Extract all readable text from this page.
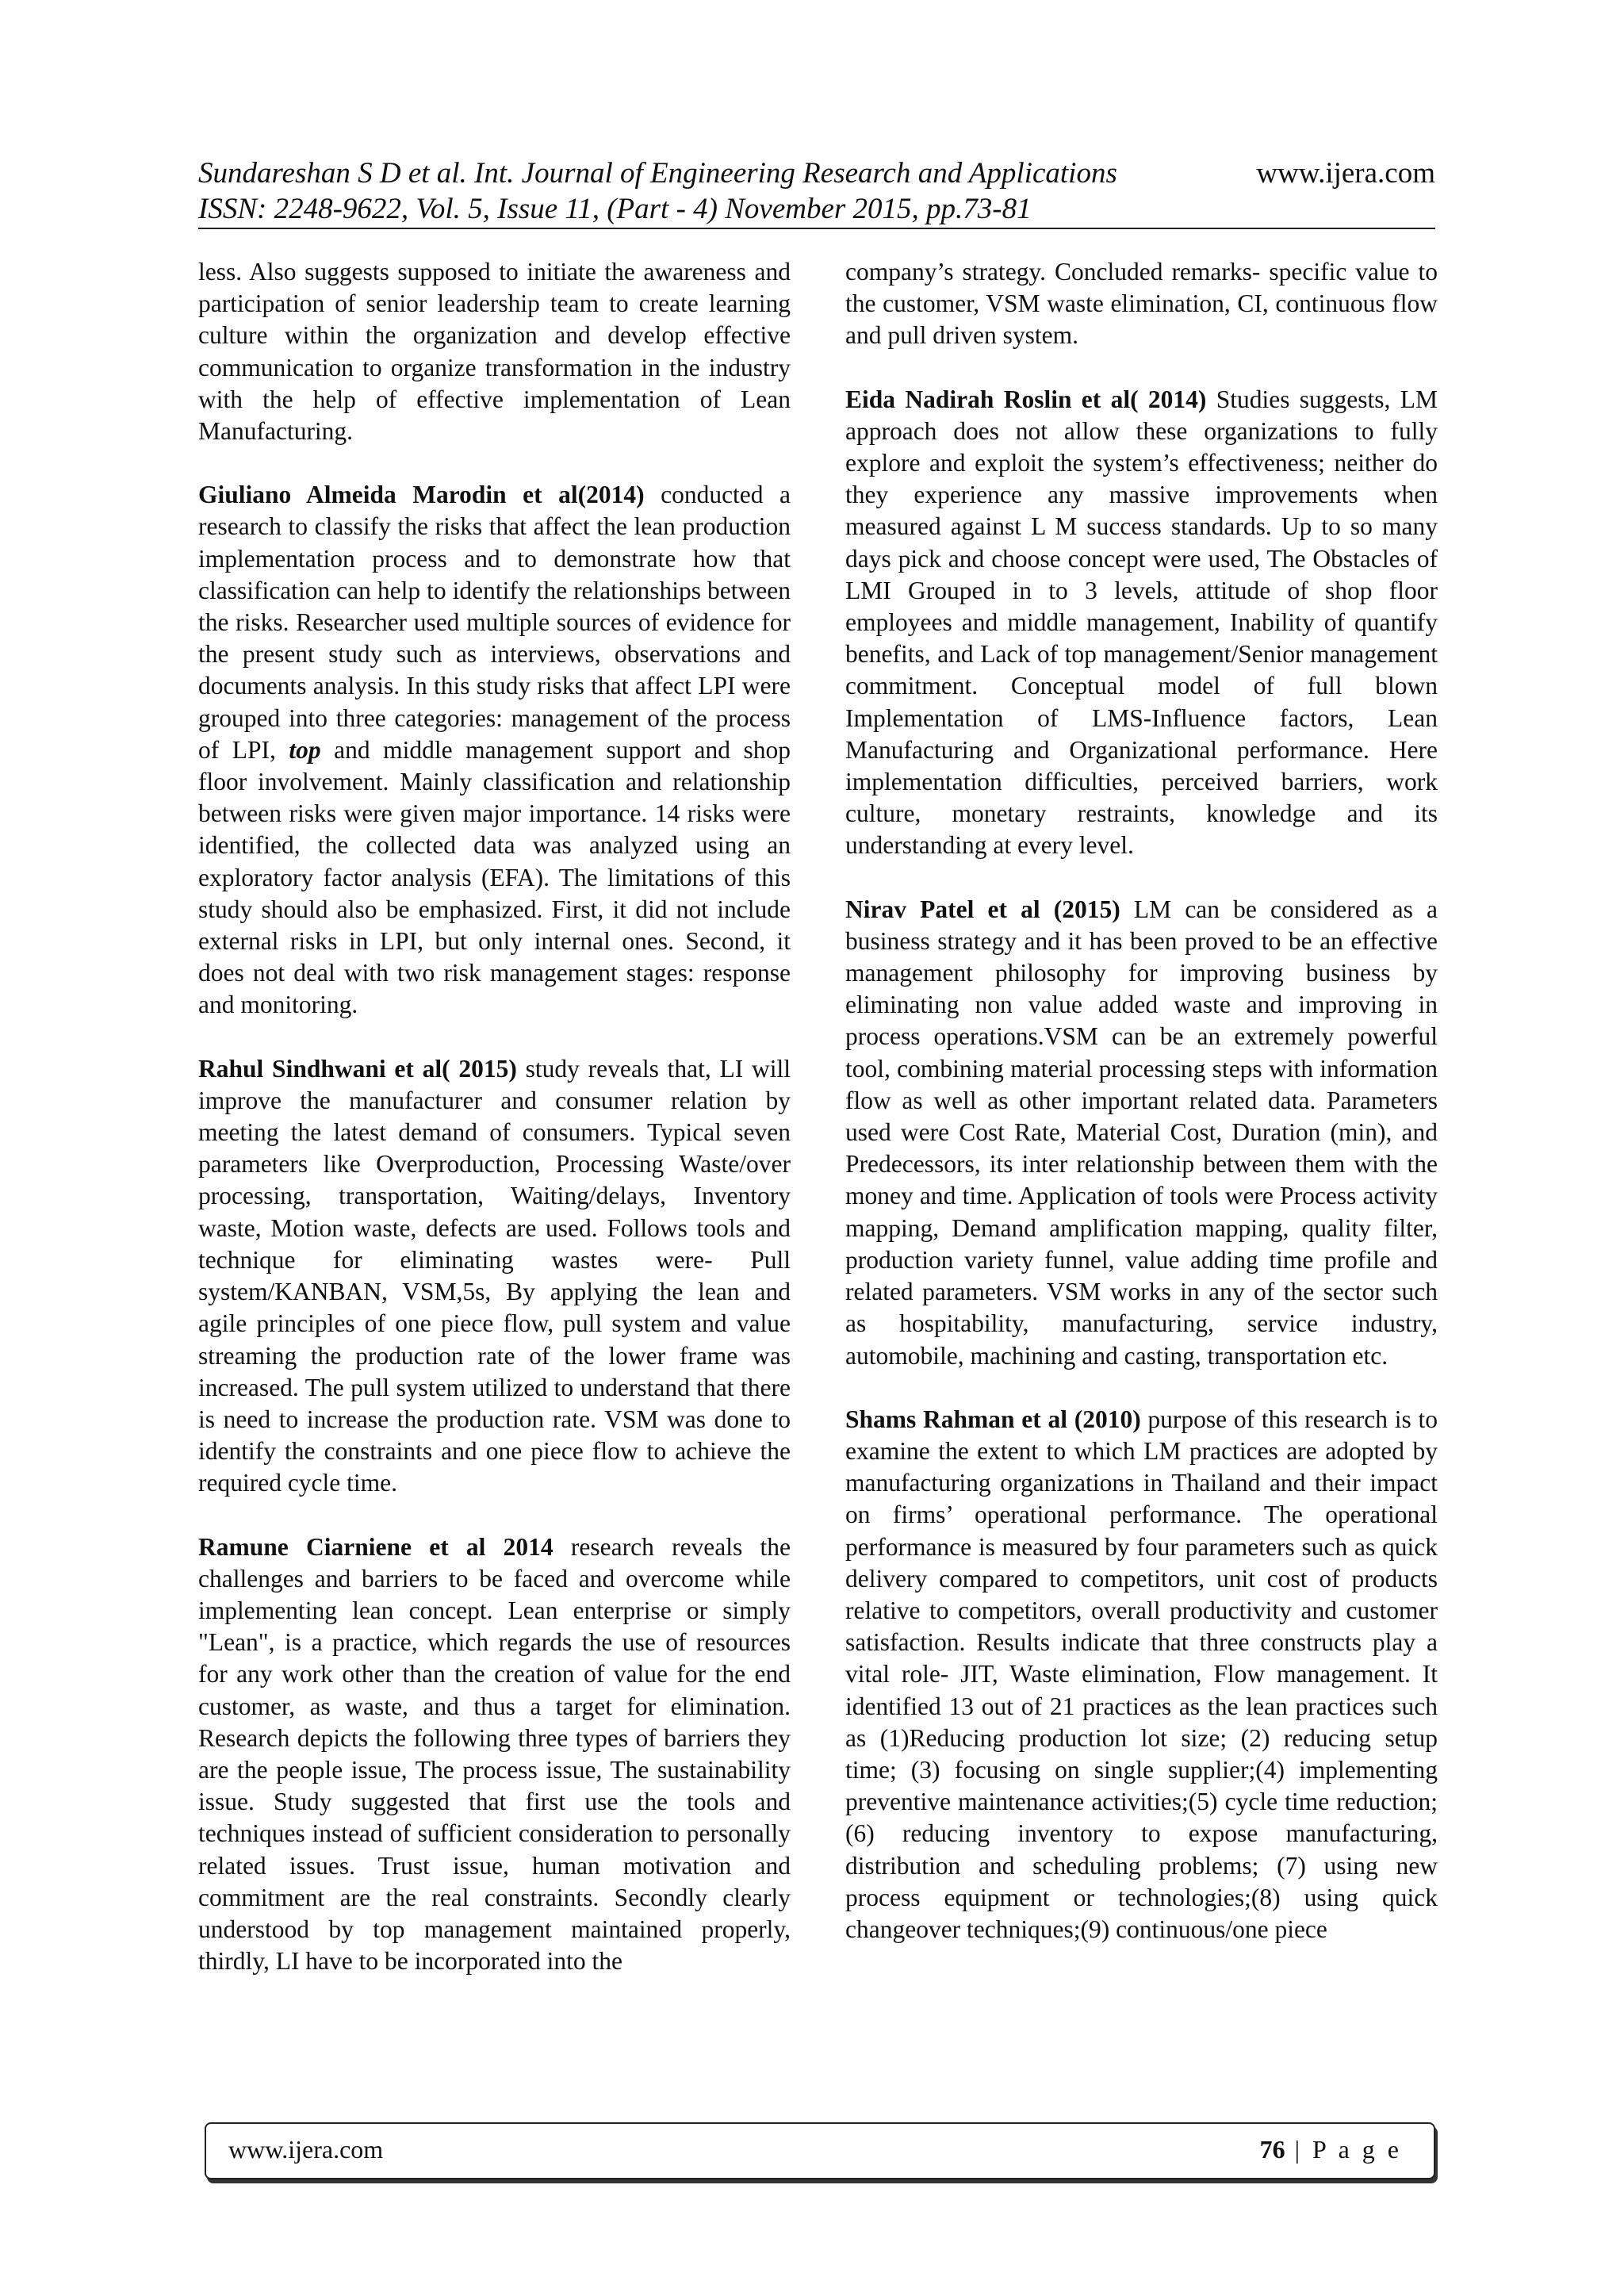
Sundareshan S D et al. Int. Journal of Engineering Research and Applications
ISSN: 2248-9622, Vol. 5, Issue 11, (Part - 4) November 2015, pp.73-81
www.ijera.com

less. Also suggests supposed to initiate the awareness and participation of senior leadership team to create learning culture within the organization and develop effective communication to organize transformation in the industry with the help of effective implementation of Lean Manufacturing.

Giuliano Almeida Marodin et al(2014) conducted a research to classify the risks that affect the lean production implementation process and to demonstrate how that classification can help to identify the relationships between the risks. Researcher used multiple sources of evidence for the present study such as interviews, observations and documents analysis. In this study risks that affect LPI were grouped into three categories: management of the process of LPI, top and middle management support and shop floor involvement. Mainly classification and relationship between risks were given major importance. 14 risks were identified, the collected data was analyzed using an exploratory factor analysis (EFA). The limitations of this study should also be emphasized. First, it did not include external risks in LPI, but only internal ones. Second, it does not deal with two risk management stages: response and monitoring.

Rahul Sindhwani et al( 2015) study reveals that, LI will improve the manufacturer and consumer relation by meeting the latest demand of consumers. Typical seven parameters like Overproduction, Processing Waste/over processing, transportation, Waiting/delays, Inventory waste, Motion waste, defects are used. Follows tools and technique for eliminating wastes were- Pull system/KANBAN, VSM,5s, By applying the lean and agile principles of one piece flow, pull system and value streaming the production rate of the lower frame was increased. The pull system utilized to understand that there is need to increase the production rate. VSM was done to identify the constraints and one piece flow to achieve the required cycle time.

Ramune Ciarniene et al 2014 research reveals the challenges and barriers to be faced and overcome while implementing lean concept. Lean enterprise or simply "Lean", is a practice, which regards the use of resources for any work other than the creation of value for the end customer, as waste, and thus a target for elimination. Research depicts the following three types of barriers they are the people issue, The process issue, The sustainability issue. Study suggested that first use the tools and techniques instead of sufficient consideration to personally related issues. Trust issue, human motivation and commitment are the real constraints. Secondly clearly understood by top management maintained properly, thirdly, LI have to be incorporated into the

company’s strategy. Concluded remarks- specific value to the customer, VSM waste elimination, CI, continuous flow and pull driven system.

Eida Nadirah Roslin et al( 2014) Studies suggests, LM approach does not allow these organizations to fully explore and exploit the system’s effectiveness; neither do they experience any massive improvements when measured against L M success standards. Up to so many days pick and choose concept were used, The Obstacles of LMI Grouped in to 3 levels, attitude of shop floor employees and middle management, Inability of quantify benefits, and Lack of top management/Senior management commitment. Conceptual model of full blown Implementation of LMS-Influence factors, Lean Manufacturing and Organizational performance. Here implementation difficulties, perceived barriers, work culture, monetary restraints, knowledge and its understanding at every level.

Nirav Patel et al (2015) LM can be considered as a business strategy and it has been proved to be an effective management philosophy for improving business by eliminating non value added waste and improving in process operations.VSM can be an extremely powerful tool, combining material processing steps with information flow as well as other important related data. Parameters used were Cost Rate, Material Cost, Duration (min), and Predecessors, its inter relationship between them with the money and time. Application of tools were Process activity mapping, Demand amplification mapping, quality filter, production variety funnel, value adding time profile and related parameters. VSM works in any of the sector such as hospitability, manufacturing, service industry, automobile, machining and casting, transportation etc.

Shams Rahman et al (2010) purpose of this research is to examine the extent to which LM practices are adopted by manufacturing organizations in Thailand and their impact on firms’ operational performance. The operational performance is measured by four parameters such as quick delivery compared to competitors, unit cost of products relative to competitors, overall productivity and customer satisfaction. Results indicate that three constructs play a vital role- JIT, Waste elimination, Flow management. It identified 13 out of 21 practices as the lean practices such as (1)Reducing production lot size; (2) reducing setup time; (3) focusing on single supplier;(4) implementing preventive maintenance activities;(5) cycle time reduction;(6) reducing inventory to expose manufacturing, distribution and scheduling problems; (7) using new process equipment or technologies;(8) using quick changeover techniques;(9) continuous/one piece

www.ijera.com	76 | P a g e
